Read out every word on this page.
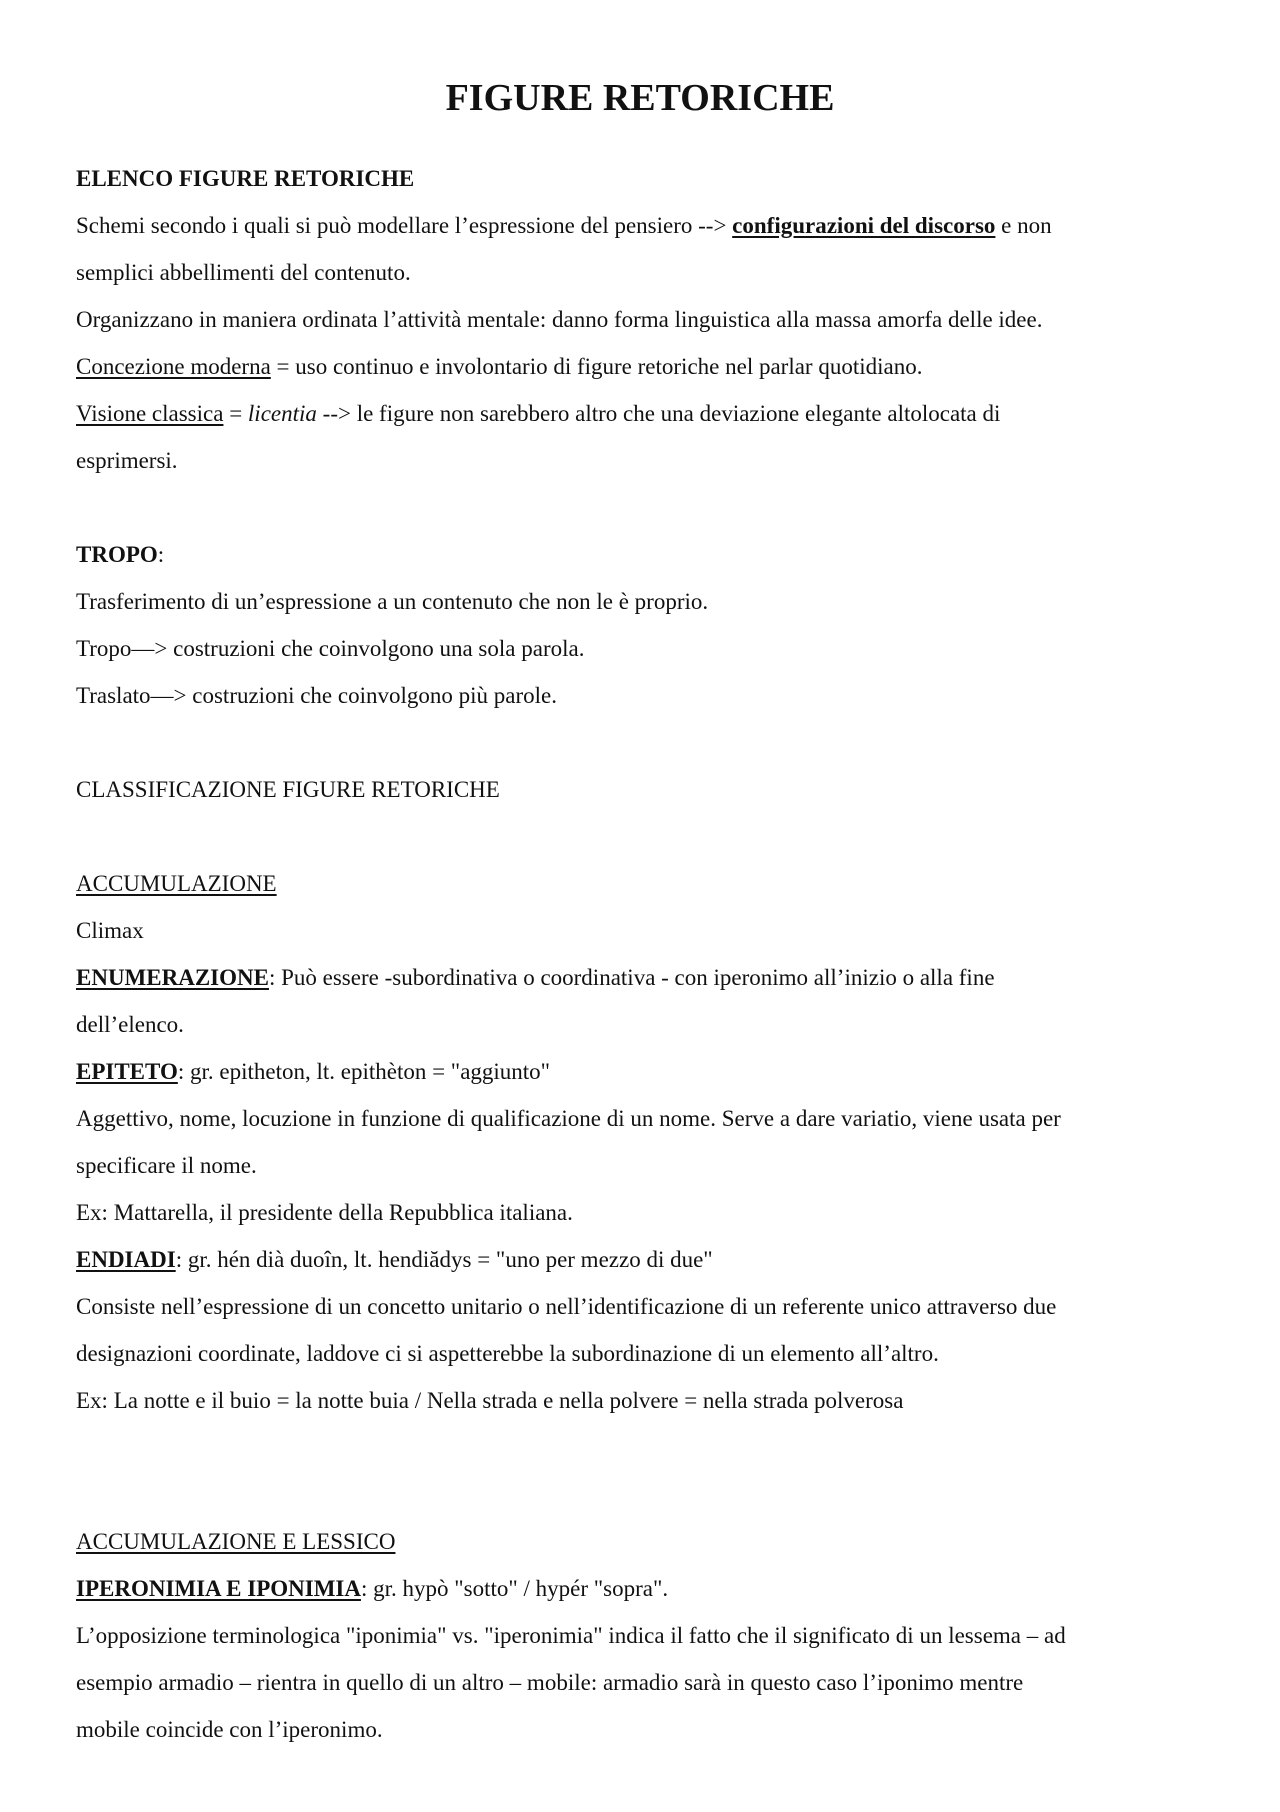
FIGURE RETORICHE
ELENCO FIGURE RETORICHE
Schemi secondo i quali si può modellare l’espressione del pensiero --> configurazioni del discorso e non
semplici abbellimenti del contenuto.
Organizzano in maniera ordinata l’attività mentale: danno forma linguistica alla massa amorfa delle idee.
Concezione moderna = uso continuo e involontario di figure retoriche nel parlar quotidiano.
Visione classica = licentia --> le figure non sarebbero altro che una deviazione elegante altolocata di
esprimersi.
TROPO:
Trasferimento di un’espressione a un contenuto che non le è proprio.
Tropo—> costruzioni che coinvolgono una sola parola.
Traslato—> costruzioni che coinvolgono più parole.
CLASSIFICAZIONE FIGURE RETORICHE
ACCUMULAZIONE
Climax
ENUMERAZIONE: Può essere -subordinativa o coordinativa - con iperonimo all’inizio o alla fine
dell’elenco.
EPITETO: gr. epitheton, lt. epithèton = "aggiunto"
Aggettivo, nome, locuzione in funzione di qualificazione di un nome. Serve a dare variatio, viene usata per
specificare il nome.
Ex: Mattarella, il presidente della Repubblica italiana.
ENDIADI: gr. hén dià duoîn, lt. hendiădys = "uno per mezzo di due"
Consiste nell’espressione di un concetto unitario o nell’identificazione di un referente unico attraverso due
designazioni coordinate, laddove ci si aspetterebbe la subordinazione di un elemento all’altro.
Ex: La notte e il buio = la notte buia / Nella strada e nella polvere = nella strada polverosa
ACCUMULAZIONE E LESSICO
IPERONIMIA E IPONIMIA: gr. hypò "sotto" / hypér "sopra".
L’opposizione terminologica "iponimia" vs. "iperonimia" indica il fatto che il significato di un lessema – ad
esempio armadio – rientra in quello di un altro – mobile: armadio sarà in questo caso l’iponimo mentre
mobile coincide con l’iperonimo.
